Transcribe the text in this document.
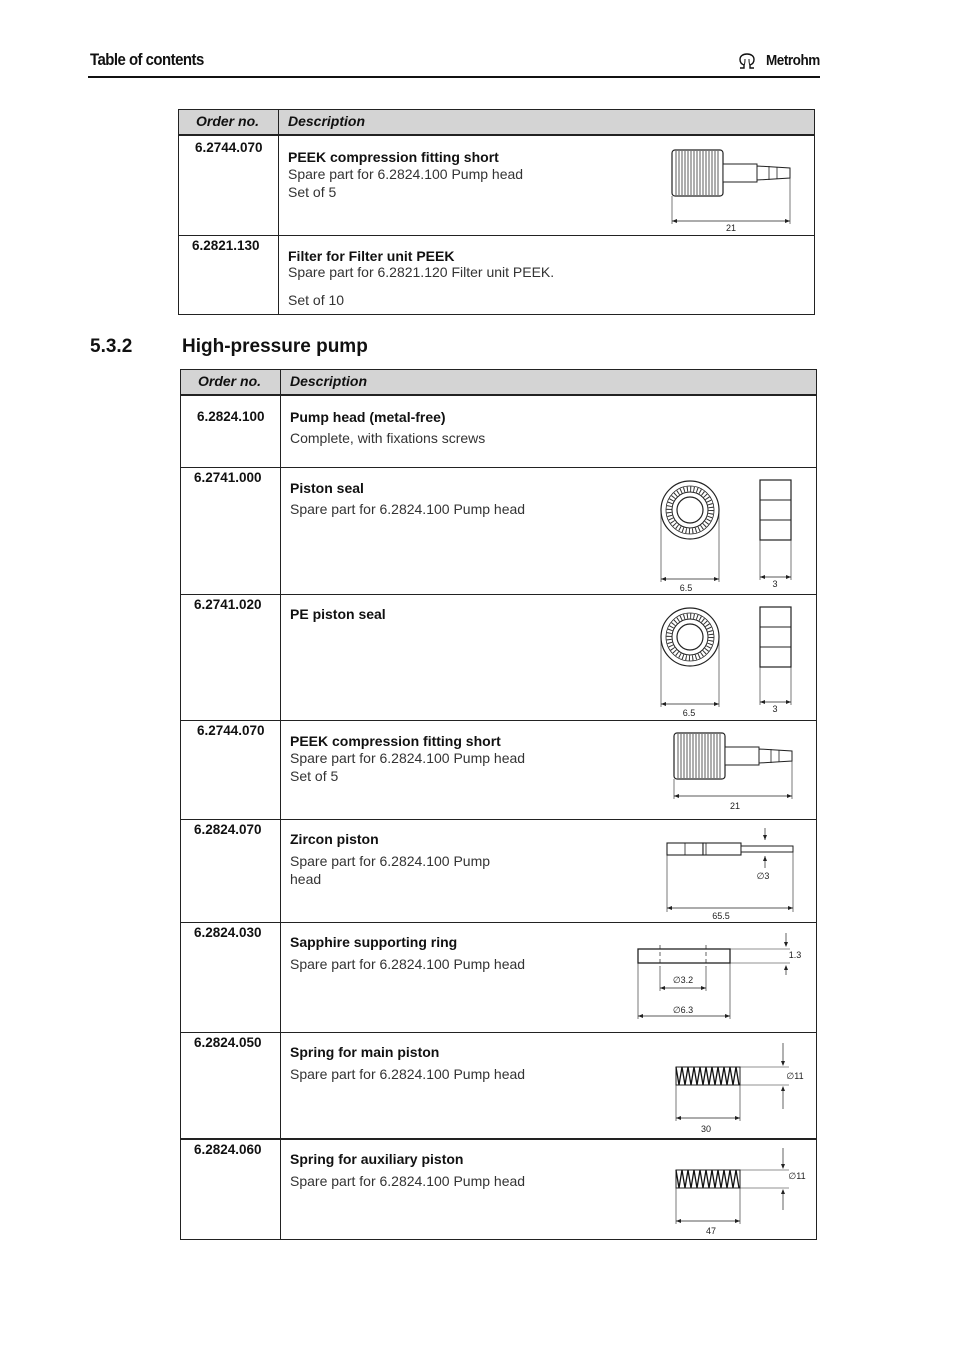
Table of contents	Metrohm
Order no. Description
6.2744.070
PEEK compression fitting short
Spare part for 6.2824.100 Pump head
Set of 5
21
6.2821.130
Filter for Filter unit PEEK
Spare part for 6.2821.120 Filter unit PEEK.
Set of 10
5.3.2	High-pressure pump
Order no. Description
6.2824.100 Pump head (metal-free)
Complete, with fixations screws
6.2741.000
Piston seal
Spare part for 6.2824.100 Pump head
6.5	3
6.2741.020
PE piston seal
6.5	3
6.2744.070
PEEK compression fitting short
Spare part for 6.2824.100 Pump head
Set of 5
21
6.2824.070
Zircon piston
Spare part for 6.2824.100 Pump
head	∅3
65.5
6.2824.030
Sapphire supporting ring
Spare part for 6.2824.100 Pump head
1.3
∅3.2
∅6.3
6.2824.050
Spring for main piston
Spare part for 6.2824.100 Pump head	∅11
30
6.2824.060
Spring for auxiliary piston
Spare part for 6.2824.100 Pump head	∅11
47
